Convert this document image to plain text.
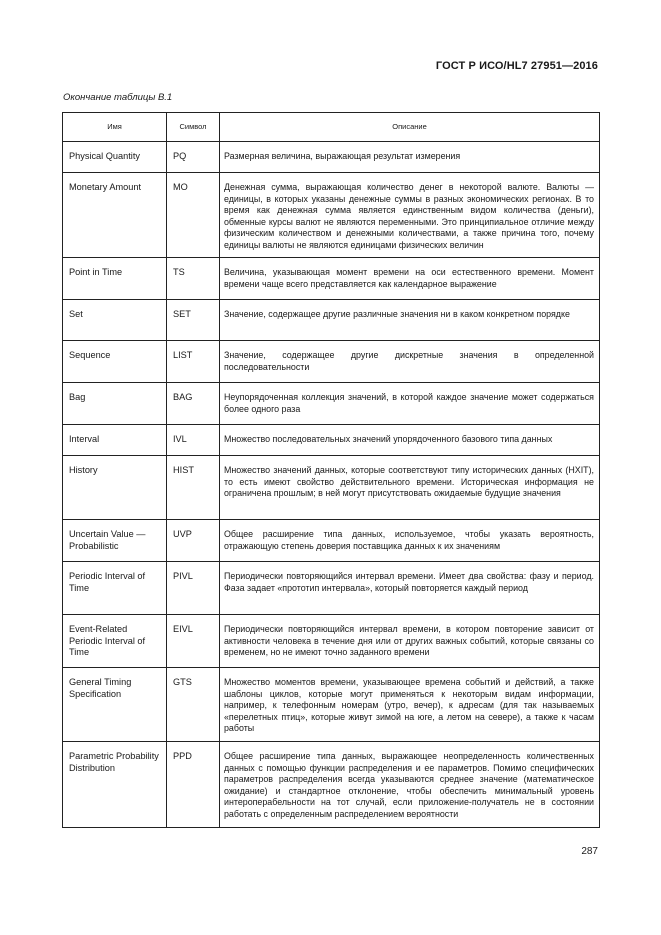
ГОСТ Р ИСО/HL7 27951—2016
Окончание таблицы В.1
Имя	Символ	Описание
Physical Quantity	PQ	Размерная величина, выражающая результат измерения
Monetary Amount	MO	Денежная сумма, выражающая количество денег в некоторой валюте. Валюты — единицы, в которых указаны денежные суммы в разных экономических регионах. В то время как денежная сумма является единственным видом количества (деньги), обменные курсы валют не являются переменными. Это принципиальное отличие между физическим количеством и денежными количествами, а также причина того, почему единицы валюты не являются единицами физических величин
Point in Time	TS	Величина, указывающая момент времени на оси естественного времени. Момент времени чаще всего представляется как календарное выражение
Set	SET	Значение, содержащее другие различные значения ни в каком конкретном порядке
Sequence	LIST	Значение, содержащее другие дискретные значения в определенной последовательности
Bag	BAG	Неупорядоченная коллекция значений, в которой каждое значение может содержаться более одного раза
Interval	IVL	Множество последовательных значений упорядоченного базового типа данных
History	HIST	Множество значений данных, которые соответствуют типу исторических данных (HXIT), то есть имеют свойство действительного времени. Историческая информация не ограничена прошлым; в ней могут присутствовать ожидаемые будущие значения
Uncertain Value — Probabilistic	UVP	Общее расширение типа данных, используемое, чтобы указать вероятность, отражающую степень доверия поставщика данных к их значениям
Periodic Interval of Time	PIVL	Периодически повторяющийся интервал времени. Имеет два свойства: фазу и период. Фаза задает «прототип интервала», который повторяется каждый период
Event-Related Periodic Interval of Time	EIVL	Периодически повторяющийся интервал времени, в котором повторение зависит от активности человека в течение дня или от других важных событий, которые связаны со временем, но не имеют точно заданного времени
General Timing Specification	GTS	Множество моментов времени, указывающее времена событий и действий, а также шаблоны циклов, которые могут применяться к некоторым видам информации, например, к телефонным номерам (утро, вечер), к адресам (для так называемых «перелетных птиц», которые живут зимой на юге, а летом на севере), а также к часам работы
Parametric Probability Distribution	PPD	Общее расширение типа данных, выражающее неопределенность количественных данных с помощью функции распределения и ее параметров. Помимо специфических параметров распределения всегда указываются среднее значение (математическое ожидание) и стандартное отклонение, чтобы обеспечить минимальный уровень интероперабельности на тот случай, если приложение-получатель не в состоянии работать с определенным распределением вероятности
287
